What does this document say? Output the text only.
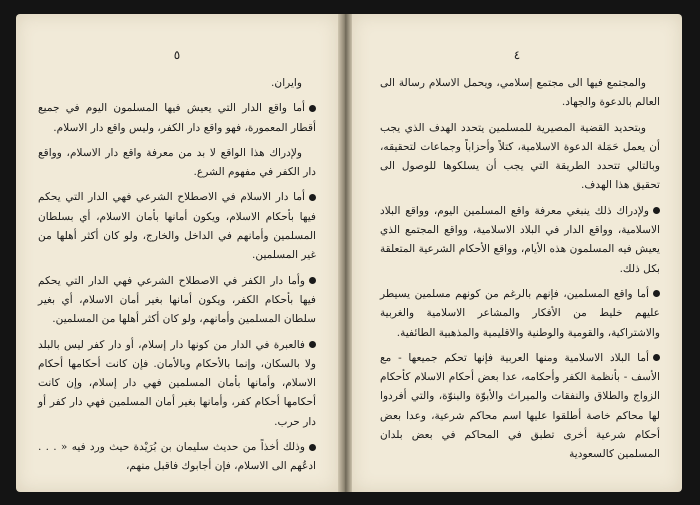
٥

وايران.

أما واقع الدار التي يعيش فيها المسلمون اليوم في جميع أقطار المعمورة، فهو واقع دار الكفر، وليس واقع دار الاسلام.

ولإدراك هذا الواقع لا بد من معرفة واقع دار الاسلام، وواقع دار الكفر في مفهوم الشرع.

أما دار الاسلام في الاصطلاح الشرعي فهي الدار التي يحكم فيها بأحكام الاسلام، ويكون أمانها بأمان الاسلام، أي بسلطان المسلمين وأمانهم في الداخل والخارج، ولو كان أكثر أهلها من غير المسلمين.

وأما دار الكفر في الاصطلاح الشرعي فهي الدار التي يحكم فيها بأحكام الكفر، ويكون أمانها بغير أمان الاسلام، أي بغير سلطان المسلمين وأمانهم، ولو كان أكثر أهلها من المسلمين.

فالعبرة في الدار من كونها دار إسلام، أو دار كفر ليس بالبلد ولا بالسكان، وإنما بالأحكام وبالأمان. فإن كانت أحكامها أحكام الاسلام، وأمانها بأمان المسلمين فهي دار إسلام، وإن كانت أحكامها أحكام كفر، وأمانها بغير أمان المسلمين فهي دار كفر أو دار حرب.

وذلك أخذاً من حديث سليمان بن بُرَيْدة حيث ورد فيه « . . . ادعُهم الى الاسلام، فإن أجابوك فاقبل منهم،

٤

والمجتمع فيها الى مجتمع إسلامي، ويحمل الاسلام رسالة الى العالم بالدعوة والجهاد.

وبتحديد القضية المصيرية للمسلمين يتحدد الهدف الذي يجب أن يعمل حَمَلة الدعوة الاسلامية، كتلاً وأحزاباً وجماعات لتحقيقه، وبالتالي تتحدد الطريقة التي يجب أن يسلكوها للوصول الى تحقيق هذا الهدف.

ولإدراك ذلك ينبغي معرفة واقع المسلمين اليوم، وواقع البلاد الاسلامية، وواقع الدار في البلاد الاسلامية، وواقع المجتمع الذي يعيش فيه المسلمون هذه الأيام، وواقع الأحكام الشرعية المتعلقة بكل ذلك.

أما واقع المسلمين، فإنهم بالرغم من كونهم مسلمين يسيطر عليهم خليط من الأفكار والمشاعر الاسلامية والغربية والاشتراكية، والقومية والوطنية والاقليمية والمذهبية الطائفية.

أما البلاد الاسلامية ومنها العربية فإنها تحكم جميعها - مع الأسف - بأنظمة الكفر وأحكامه، عدا بعض أحكام الاسلام كأحكام الزواج والطلاق والنفقات والميراث والأبوّة والبنوّة، والتي أفردوا لها محاكم خاصة أطلقوا عليها اسم محاكم شرعية، وعدا بعض أحكام شرعية أخرى تطبق في المحاكم في بعض بلدان المسلمين كالسعودية
